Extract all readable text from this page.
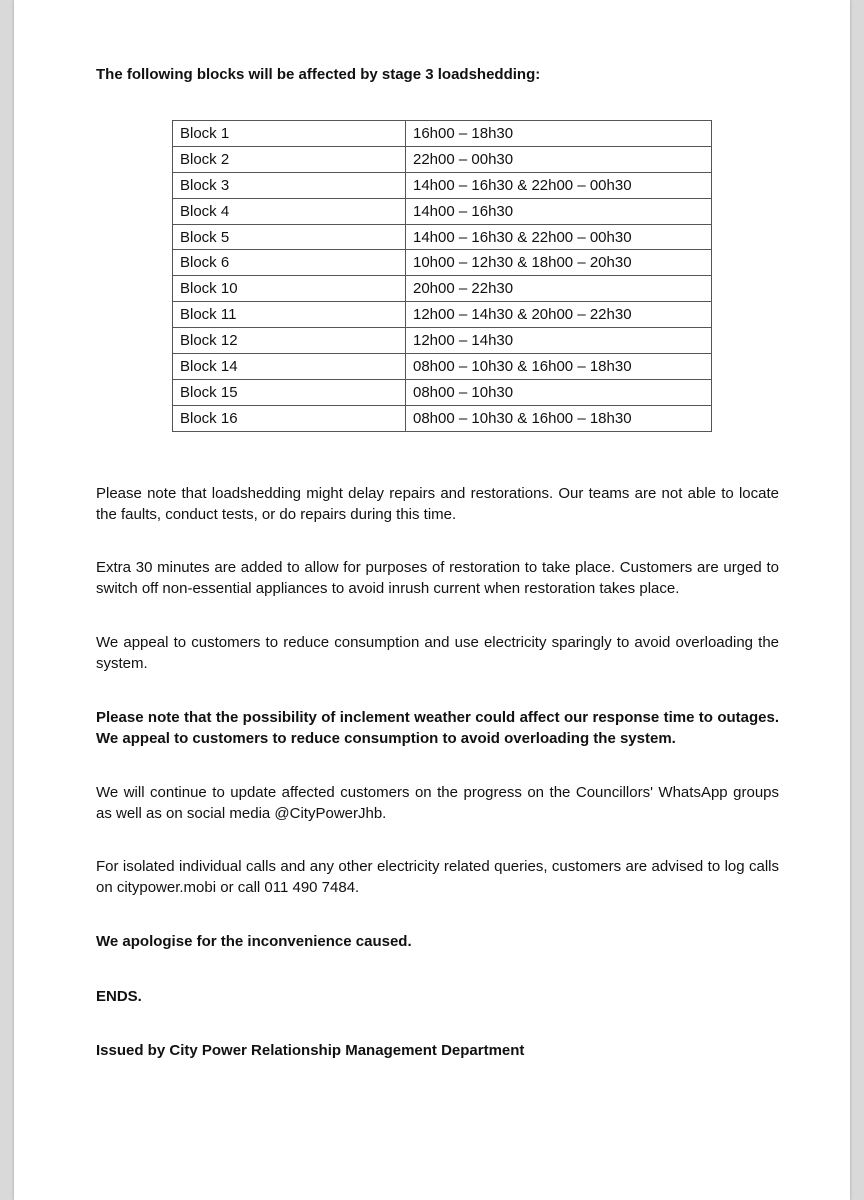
The following blocks will be affected by stage 3 loadshedding:

Block 1	16h00 – 18h30
Block 2	22h00 – 00h30
Block 3	14h00 – 16h30 & 22h00 – 00h30
Block 4	14h00 – 16h30
Block 5	14h00 – 16h30 & 22h00 – 00h30
Block 6	10h00 – 12h30 & 18h00 – 20h30
Block 10	20h00 – 22h30
Block 11	12h00 – 14h30 & 20h00 – 22h30
Block 12	12h00 – 14h30
Block 14	08h00 – 10h30 & 16h00 – 18h30
Block 15	08h00 – 10h30
Block 16	08h00 – 10h30 & 16h00 – 18h30

Please note that loadshedding might delay repairs and restorations. Our teams are not able to locate the faults, conduct tests, or do repairs during this time.

Extra 30 minutes are added to allow for purposes of restoration to take place. Customers are urged to switch off non-essential appliances to avoid inrush current when restoration takes place.

We appeal to customers to reduce consumption and use electricity sparingly to avoid overloading the system.

Please note that the possibility of inclement weather could affect our response time to outages. We appeal to customers to reduce consumption to avoid overloading the system.

We will continue to update affected customers on the progress on the Councillors' WhatsApp groups as well as on social media @CityPowerJhb.

For isolated individual calls and any other electricity related queries, customers are advised to log calls on citypower.mobi or call 011 490 7484.

We apologise for the inconvenience caused.

ENDS.

Issued by City Power Relationship Management Department
